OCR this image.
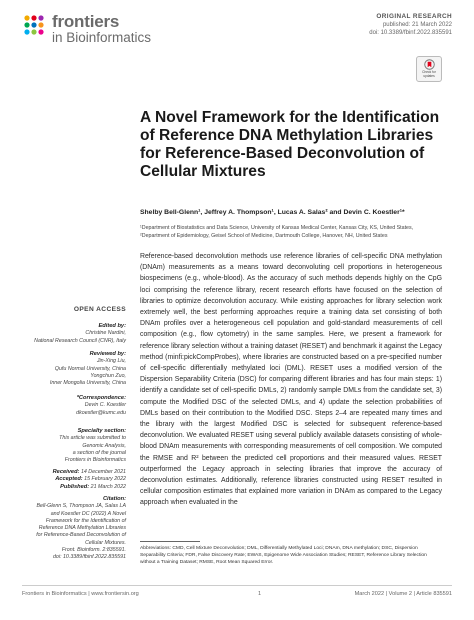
frontiers
in Bioinformatics
ORIGINAL RESEARCH
published: 21 March 2022
doi: 10.3389/fbinf.2022.835591
Check for updates
A Novel Framework for the Identification of Reference DNA Methylation Libraries for Reference-Based Deconvolution of Cellular Mixtures
Shelby Bell-Glenn¹, Jeffrey A. Thompson¹, Lucas A. Salas² and Devin C. Koestler¹*
¹Department of Biostatistics and Data Science, University of Kansas Medical Center, Kansas City, KS, United States,
²Department of Epidemiology, Geisel School of Medicine, Dartmouth College, Hanover, NH, United States
Reference-based deconvolution methods use reference libraries of cell-specific DNA methylation (DNAm) measurements as a means toward deconvoluting cell proportions in heterogeneous biospecimens (e.g., whole-blood). As the accuracy of such methods depends highly on the CpG loci comprising the reference library, recent research efforts have focused on the selection of libraries to optimize deconvolution accuracy. While existing approaches for library selection work extremely well, the best performing approaches require a training data set consisting of both DNAm profiles over a heterogeneous cell population and gold-standard measurements of cell composition (e.g., flow cytometry) in the same samples. Here, we present a framework for reference library selection without a training dataset (RESET) and benchmark it against the Legacy method (minfi:pickCompProbes), where libraries are constructed based on a pre-specified number of cell-specific differentially methylated loci (DML). RESET uses a modified version of the Dispersion Separability Criteria (DSC) for comparing different libraries and has four main steps: 1) identify a candidate set of cell-specific DMLs, 2) randomly sample DMLs from the candidate set, 3) compute the Modified DSC of the selected DMLs, and 4) update the selection probabilities of DMLs based on their contribution to the Modified DSC. Steps 2–4 are repeated many times and the library with the largest Modified DSC is selected for subsequent reference-based deconvolution. We evaluated RESET using several publicly available datasets consisting of whole-blood DNAm measurements with corresponding measurements of cell composition. We computed the RMSE and R² between the predicted cell proportions and their measured values. RESET outperformed the Legacy approach in selecting libraries that improve the accuracy of deconvolution estimates. Additionally, reference libraries constructed using RESET resulted in cellular composition estimates that explained more variation in DNAm as compared to the Legacy approach when evaluated in the
OPEN ACCESS
Edited by:
Christine Nardini,
National Research Council (CNR), Italy
Reviewed by:
Jin-Xing Liu,
Qufu Normal University, China
Yongchun Zuo,
Inner Mongolia University, China
*Correspondence:
Devin C. Koestler
dkoestler@kumc.edu
Specialty section:
This article was submitted to
Genomic Analysis,
a section of the journal
Frontiers in Bioinformatics
Received: 14 December 2021
Accepted: 15 February 2022
Published: 21 March 2022
Citation:
Bell-Glenn S, Thompson JA, Salas LA
and Koestler DC (2022) A Novel
Framework for the Identification of
Reference DNA Methylation Libraries
for Reference-Based Deconvolution of
Cellular Mixtures.
Front. Bioinform. 2:835591.
doi: 10.3389/fbinf.2022.835591
Abbreviations: CMD, Cell Mixture Deconvolution; DML, Differentially Methylated Loci; DNAm, DNA methylation; DSC, Dispersion Separability Criteria; FDR, False Discovery Rate; EWAS, Epigenome Wide Association Studies; RESET, Reference Library Selection without a Training Dataset; RMSE, Root Mean Squared Error.
Frontiers in Bioinformatics | www.frontiersin.org	1	March 2022 | Volume 2 | Article 835591
